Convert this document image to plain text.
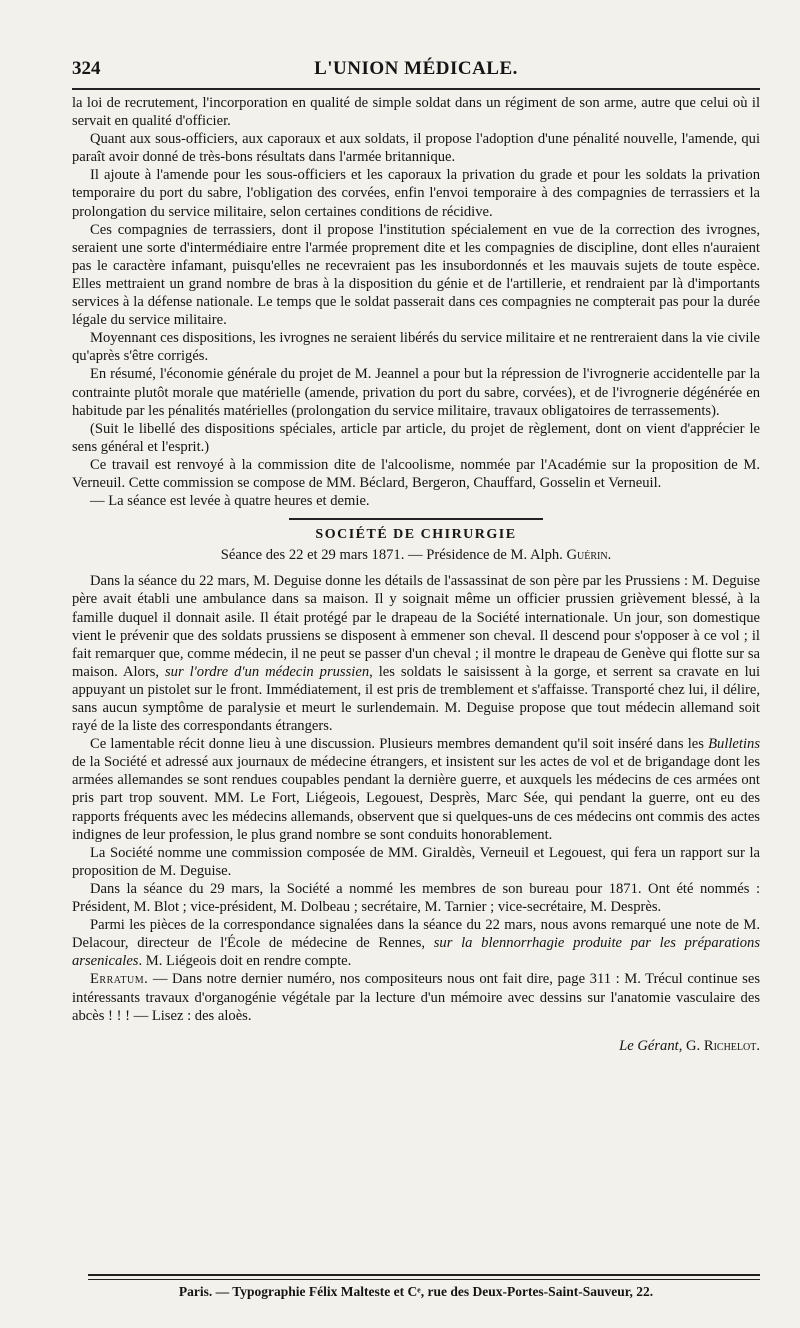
324	L'UNION MÉDICALE.

la loi de recrutement, l'incorporation en qualité de simple soldat dans un régiment de son arme, autre que celui où il servait en qualité d'officier.

Quant aux sous-officiers, aux caporaux et aux soldats, il propose l'adoption d'une pénalité nouvelle, l'amende, qui paraît avoir donné de très-bons résultats dans l'armée britannique.

Il ajoute à l'amende pour les sous-officiers et les caporaux la privation du grade et pour les soldats la privation temporaire du port du sabre, l'obligation des corvées, enfin l'envoi temporaire à des compagnies de terrassiers et la prolongation du service militaire, selon certaines conditions de récidive.

Ces compagnies de terrassiers, dont il propose l'institution spécialement en vue de la correction des ivrognes, seraient une sorte d'intermédiaire entre l'armée proprement dite et les compagnies de discipline, dont elles n'auraient pas le caractère infamant, puisqu'elles ne recevraient pas les insubordonnés et les mauvais sujets de toute espèce. Elles mettraient un grand nombre de bras à la disposition du génie et de l'artillerie, et rendraient par là d'importants services à la défense nationale. Le temps que le soldat passerait dans ces compagnies ne compterait pas pour la durée légale du service militaire.

Moyennant ces dispositions, les ivrognes ne seraient libérés du service militaire et ne rentreraient dans la vie civile qu'après s'être corrigés.

En résumé, l'économie générale du projet de M. Jeannel a pour but la répression de l'ivrognerie accidentelle par la contrainte plutôt morale que matérielle (amende, privation du port du sabre, corvées), et de l'ivrognerie dégénérée en habitude par les pénalités matérielles (prolongation du service militaire, travaux obligatoires de terrassements).

(Suit le libellé des dispositions spéciales, article par article, du projet de règlement, dont on vient d'apprécier le sens général et l'esprit.)

Ce travail est renvoyé à la commission dite de l'alcoolisme, nommée par l'Académie sur la proposition de M. Verneuil. Cette commission se compose de MM. Béclard, Bergeron, Chauffard, Gosselin et Verneuil.

— La séance est levée à quatre heures et demie.

SOCIÉTÉ DE CHIRURGIE
Séance des 22 et 29 mars 1871. — Présidence de M. Alph. Guérin.

Dans la séance du 22 mars, M. Deguise donne les détails de l'assassinat de son père par les Prussiens : M. Deguise père avait établi une ambulance dans sa maison. Il y soignait même un officier prussien grièvement blessé, à la famille duquel il donnait asile. Il était protégé par le drapeau de la Société internationale. Un jour, son domestique vient le prévenir que des soldats prussiens se disposent à emmener son cheval. Il descend pour s'opposer à ce vol ; il fait remarquer que, comme médecin, il ne peut se passer d'un cheval ; il montre le drapeau de Genève qui flotte sur sa maison. Alors, sur l'ordre d'un médecin prussien, les soldats le saisissent à la gorge, et serrent sa cravate en lui appuyant un pistolet sur le front. Immédiatement, il est pris de tremblement et s'affaisse. Transporté chez lui, il délire, sans aucun symptôme de paralysie et meurt le surlendemain. M. Deguise propose que tout médecin allemand soit rayé de la liste des correspondants étrangers.

Ce lamentable récit donne lieu à une discussion. Plusieurs membres demandent qu'il soit inséré dans les Bulletins de la Société et adressé aux journaux de médecine étrangers, et insistent sur les actes de vol et de brigandage dont les armées allemandes se sont rendues coupables pendant la dernière guerre, et auxquels les médecins de ces armées ont pris part trop souvent. MM. Le Fort, Liégeois, Legouest, Desprès, Marc Sée, qui pendant la guerre, ont eu des rapports fréquents avec les médecins allemands, observent que si quelques-uns de ces médecins ont commis des actes indignes de leur profession, le plus grand nombre se sont conduits honorablement.

La Société nomme une commission composée de MM. Giraldès, Verneuil et Legouest, qui fera un rapport sur la proposition de M. Deguise.

Dans la séance du 29 mars, la Société a nommé les membres de son bureau pour 1871. Ont été nommés : Président, M. Blot ; vice-président, M. Dolbeau ; secrétaire, M. Tarnier ; vice-secrétaire, M. Desprès.

Parmi les pièces de la correspondance signalées dans la séance du 22 mars, nous avons remarqué une note de M. Delacour, directeur de l'École de médecine de Rennes, sur la blennorrhagie produite par les préparations arsenicales. M. Liégeois doit en rendre compte.

Erratum. — Dans notre dernier numéro, nos compositeurs nous ont fait dire, page 311 : M. Trécul continue ses intéressants travaux d'organogénie végétale par la lecture d'un mémoire avec dessins sur l'anatomie vasculaire des abcès ! ! ! — Lisez : des aloès.

Le Gérant, G. Richelot.
Paris. — Typographie Félix Malteste et Cᵉ, rue des Deux-Portes-Saint-Sauveur, 22.
